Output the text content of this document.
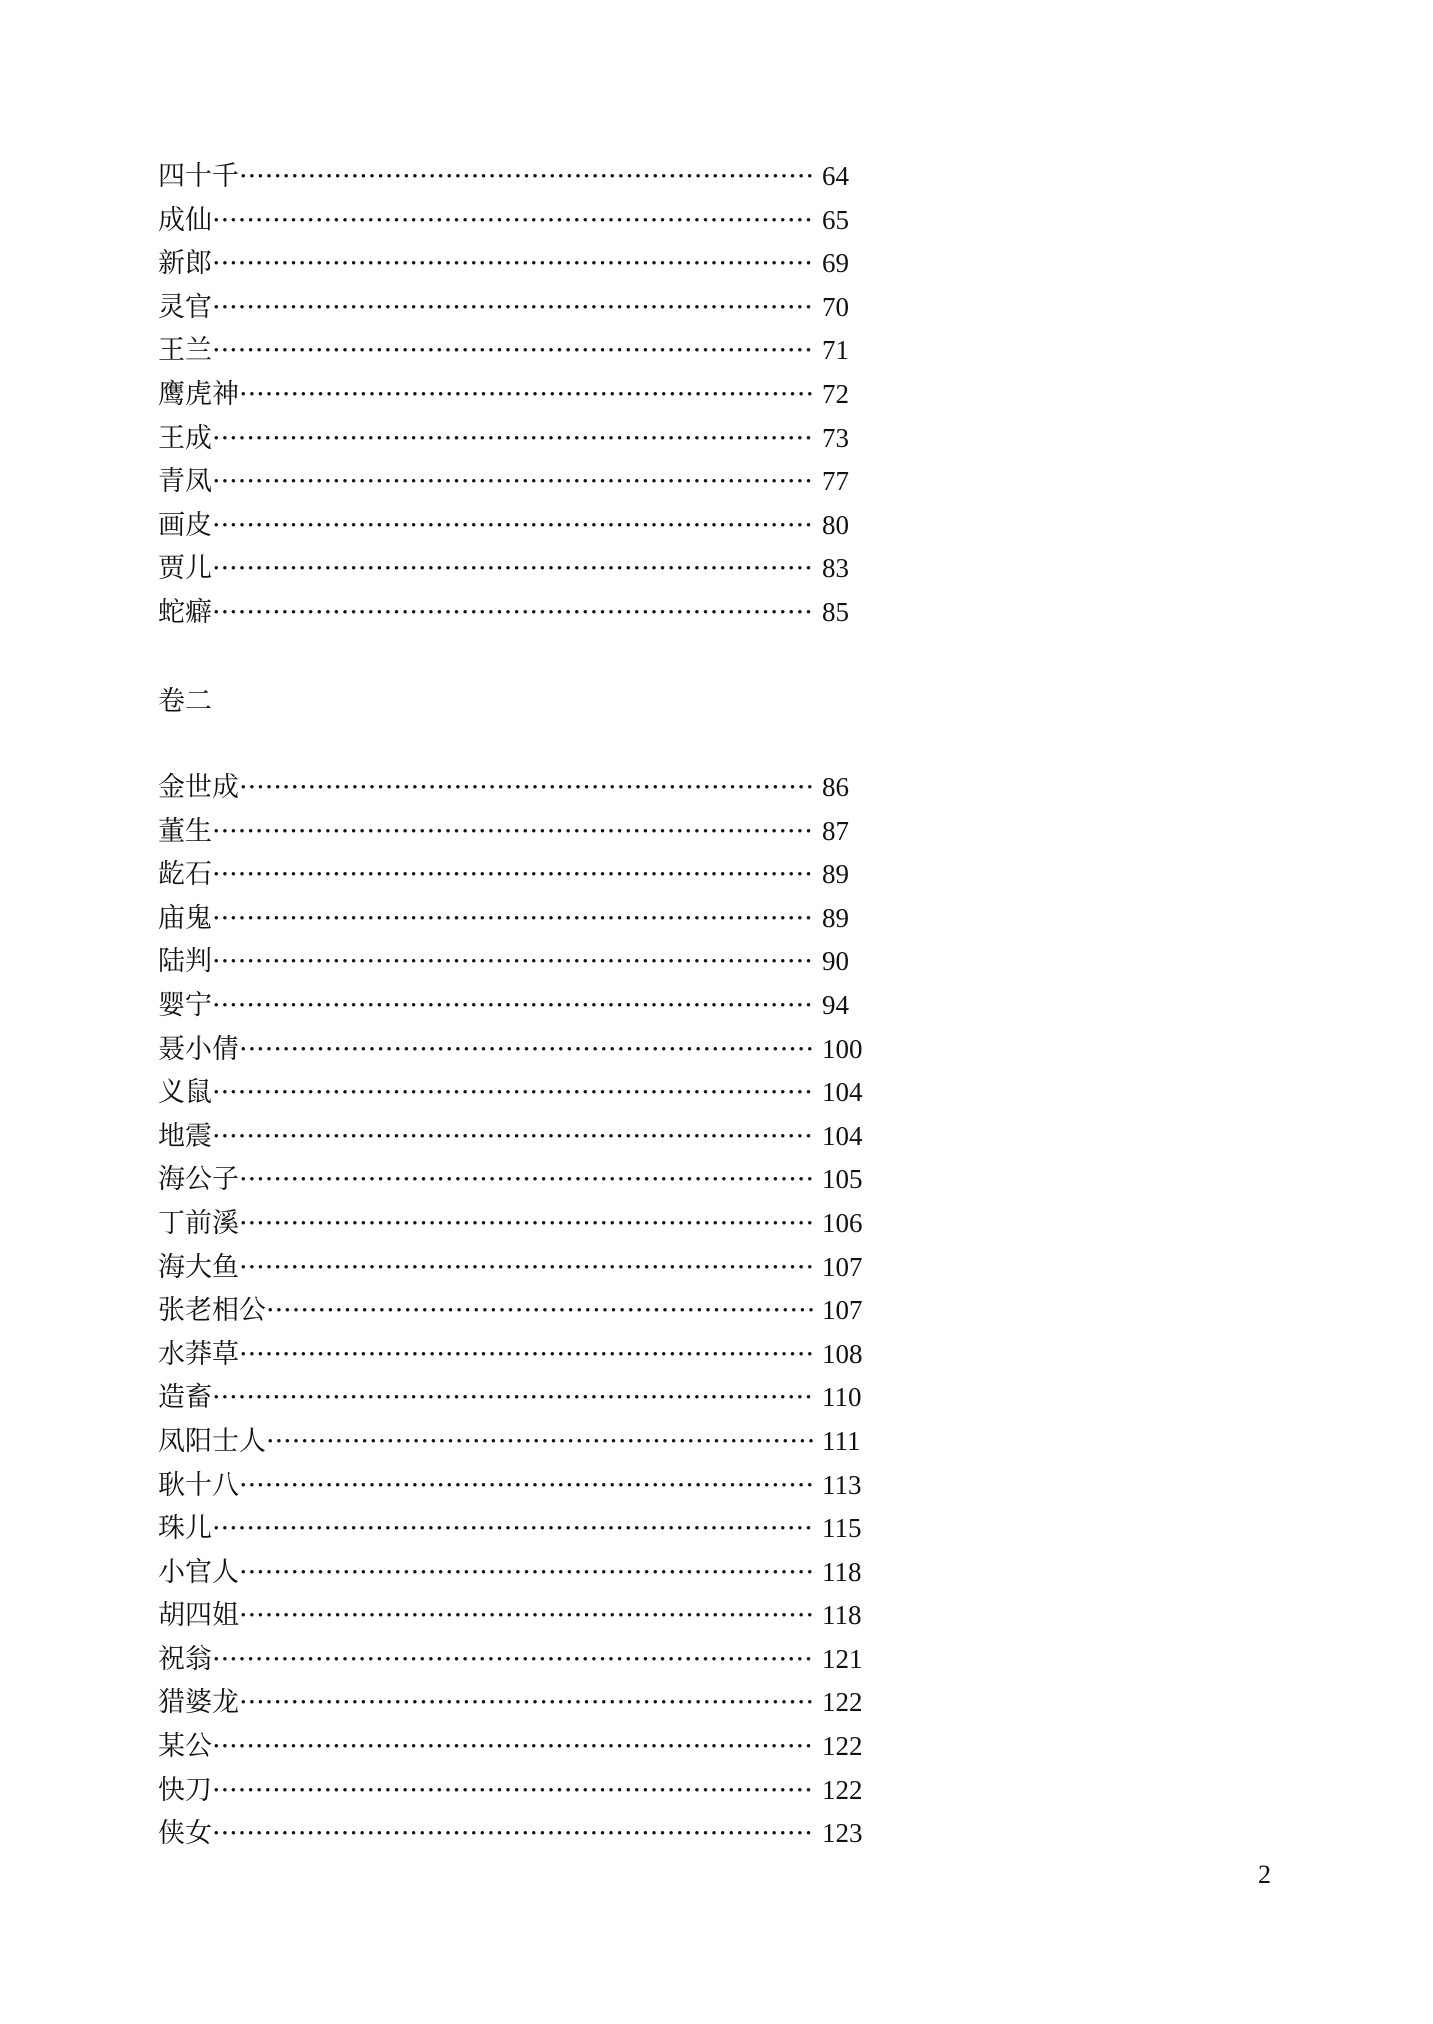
四十千 ··································································· 64
成仙 ······································································ 65
新郎 ······································································ 69
灵官 ······································································ 70
王兰 ······································································ 71
鹰虎神 ··································································· 72
王成 ······································································ 73
青凤 ······································································ 77
画皮 ······································································ 80
贾儿 ······································································ 83
蛇癖 ······································································ 85
卷二
金世成 ··································································· 86
董生 ······································································ 87
龁石 ······································································ 89
庙鬼 ······································································ 89
陆判 ······································································ 90
婴宁 ······································································ 94
聂小倩 ··································································· 100
义鼠 ······································································ 104
地震 ······································································ 104
海公子 ··································································· 105
丁前溪 ··································································· 106
海大鱼 ··································································· 107
张老相公 ································································ 107
水莽草 ··································································· 108
造畜 ······································································ 110
凤阳士人 ································································ 111
耿十八 ··································································· 113
珠儿 ······································································ 115
小官人 ··································································· 118
胡四姐 ··································································· 118
祝翁 ······································································ 121
猎婆龙 ··································································· 122
某公 ······································································ 122
快刀 ······································································ 122
侠女 ······································································ 123
2
